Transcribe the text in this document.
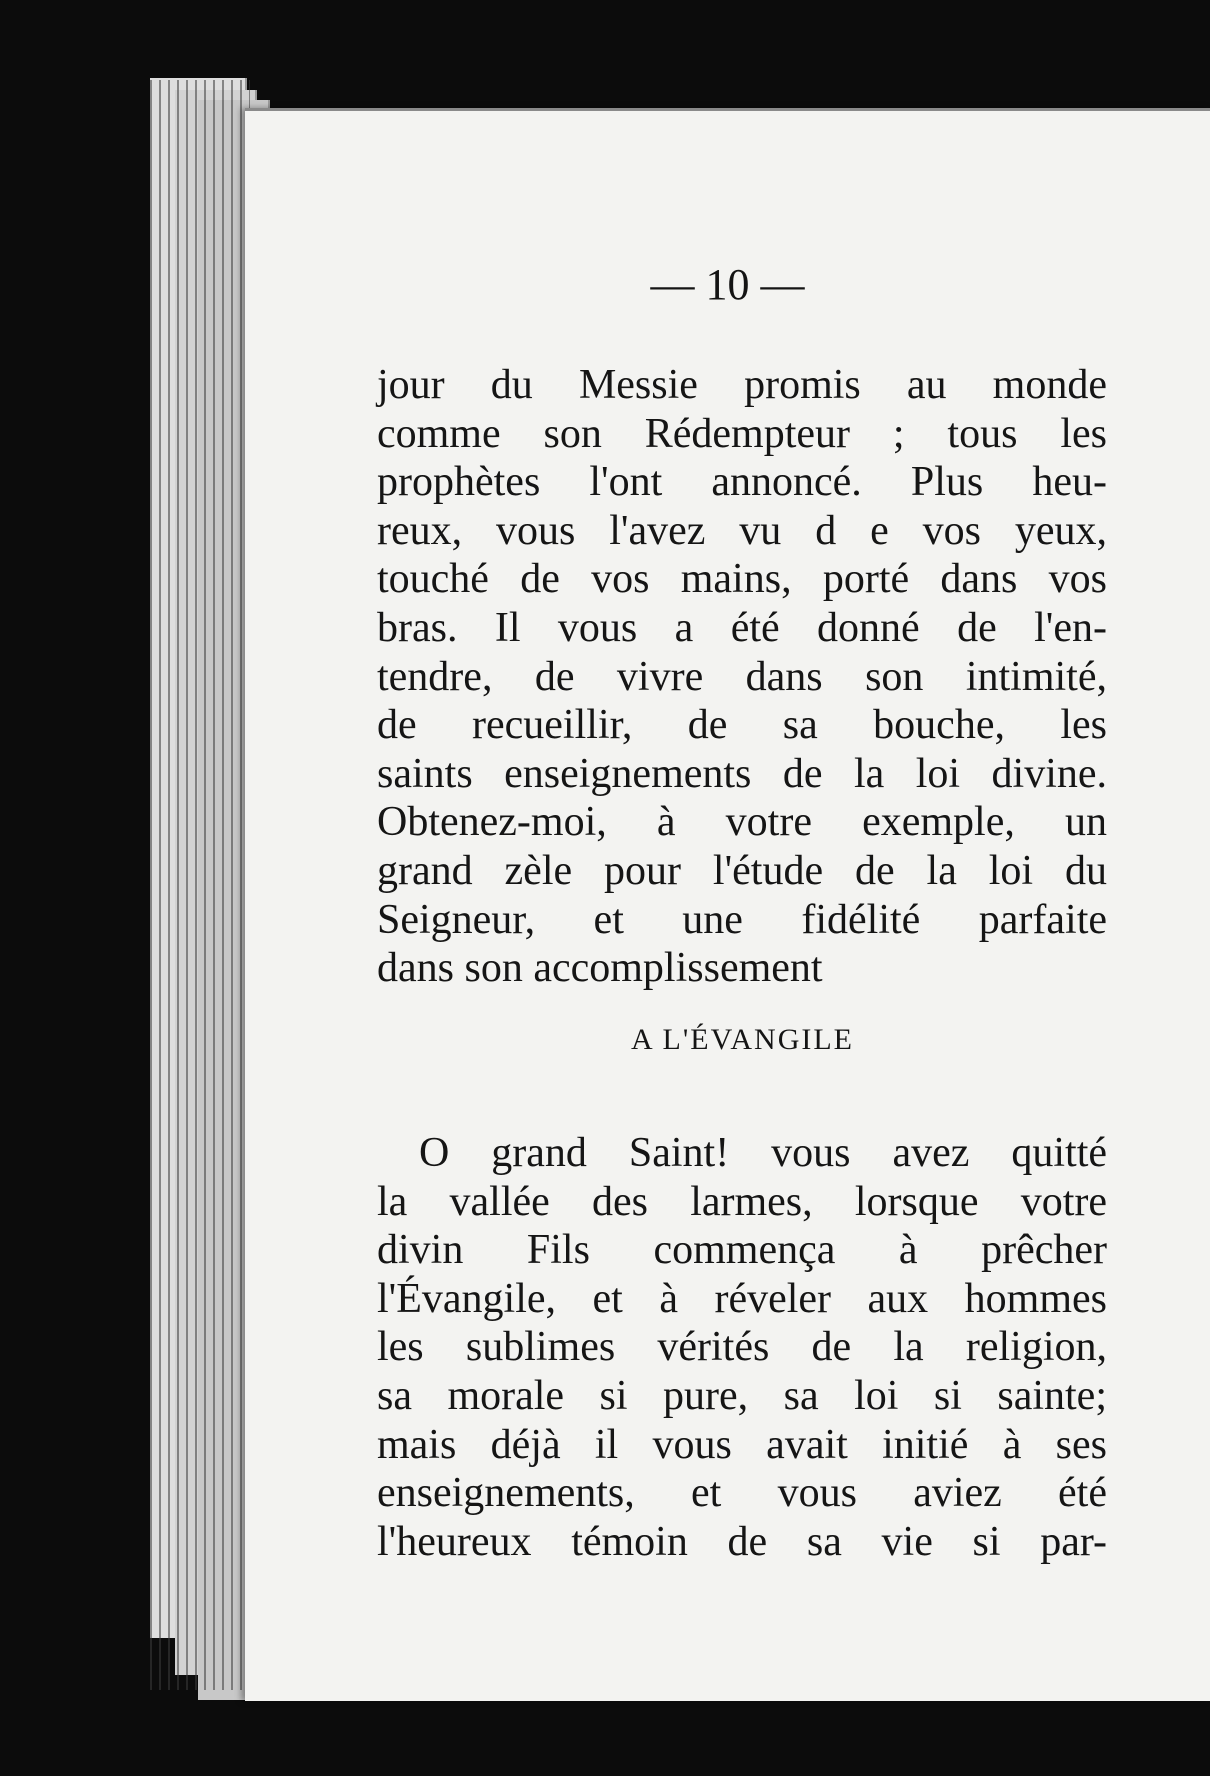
— 10 —
jour du Messie promis au monde
comme son Rédempteur ; tous les
prophètes l'ont annoncé. Plus heu-
reux, vous l'avez vu d e vos yeux,
touché de vos mains, porté dans vos
bras. Il vous a été donné de l'en-
tendre, de vivre dans son intimité,
de recueillir, de sa bouche, les
saints enseignements de la loi divine.
Obtenez-moi, à votre exemple, un
grand zèle pour l'étude de la loi du
Seigneur, et une fidélité parfaite
dans son accomplissement
A L'ÉVANGILE
O grand Saint! vous avez quitté
la vallée des larmes, lorsque votre
divin Fils commença à prêcher
l'Évangile, et à réveler aux hommes
les sublimes vérités de la religion,
sa morale si pure, sa loi si sainte;
mais déjà il vous avait initié à ses
enseignements, et vous aviez été
l'heureux témoin de sa vie si par-
